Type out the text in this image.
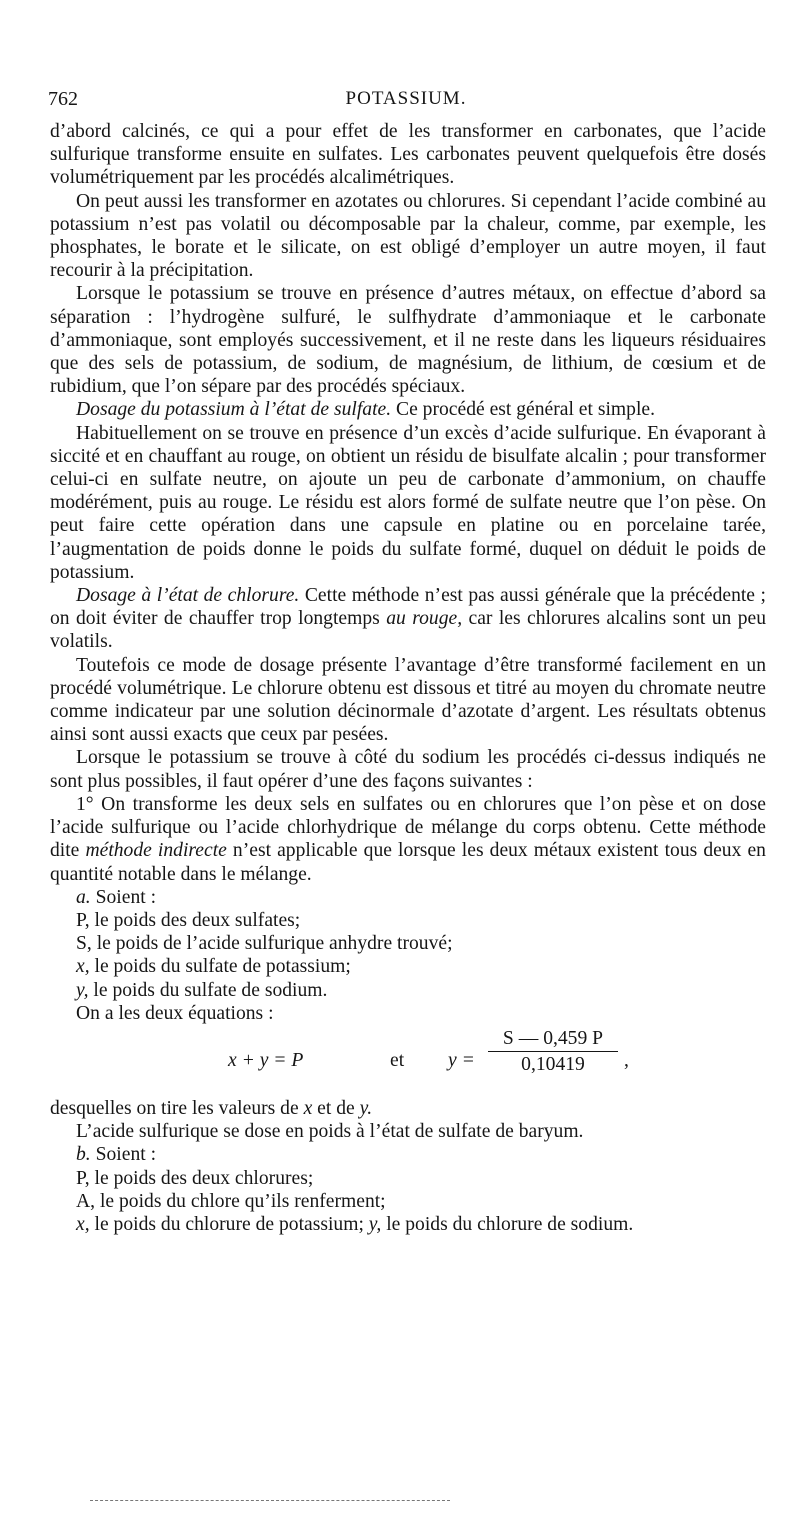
762	POTASSIUM.

d’abord calcinés, ce qui a pour effet de les transformer en carbonates, que l’acide sulfurique transforme ensuite en sulfates. Les carbonates peuvent quelquefois être dosés volumétriquement par les procédés alcalimétriques.

On peut aussi les transformer en azotates ou chlorures. Si cependant l’acide combiné au potassium n’est pas volatil ou décomposable par la chaleur, comme, par exemple, les phosphates, le borate et le silicate, on est obligé d’employer un autre moyen, il faut recourir à la précipitation.

Lorsque le potassium se trouve en présence d’autres métaux, on effectue d’abord sa séparation : l’hydrogène sulfuré, le sulfhydrate d’ammoniaque et le carbonate d’ammoniaque, sont employés successivement, et il ne reste dans les liqueurs résiduaires que des sels de potassium, de sodium, de magnésium, de lithium, de cœsium et de rubidium, que l’on sépare par des procédés spéciaux.

Dosage du potassium à l’état de sulfate. Ce procédé est général et simple.

Habituellement on se trouve en présence d’un excès d’acide sulfurique. En évaporant à siccité et en chauffant au rouge, on obtient un résidu de bisulfate alcalin ; pour transformer celui-ci en sulfate neutre, on ajoute un peu de carbonate d’ammonium, on chauffe modérément, puis au rouge. Le résidu est alors formé de sulfate neutre que l’on pèse. On peut faire cette opération dans une capsule en platine ou en porcelaine tarée, l’augmentation de poids donne le poids du sulfate formé, duquel on déduit le poids de potassium.

Dosage à l’état de chlorure. Cette méthode n’est pas aussi générale que la précédente ; on doit éviter de chauffer trop longtemps au rouge, car les chlorures alcalins sont un peu volatils.

Toutefois ce mode de dosage présente l’avantage d’être transformé facilement en un procédé volumétrique. Le chlorure obtenu est dissous et titré au moyen du chromate neutre comme indicateur par une solution décinormale d’azotate d’argent. Les résultats obtenus ainsi sont aussi exacts que ceux par pesées.

Lorsque le potassium se trouve à côté du sodium les procédés ci-dessus indiqués ne sont plus possibles, il faut opérer d’une des façons suivantes :

1° On transforme les deux sels en sulfates ou en chlorures que l’on pèse et on dose l’acide sulfurique ou l’acide chlorhydrique de mélange du corps obtenu. Cette méthode dite méthode indirecte n’est applicable que lorsque les deux métaux existent tous deux en quantité notable dans le mélange.

a. Soient :

P, le poids des deux sulfates;
S, le poids de l’acide sulfurique anhydre trouvé;
x, le poids du sulfate de potassium;
y, le poids du sulfate de sodium.

On a les deux équations :

x + y = P	et $y = \frac{S — 0,459 P}{0,10419}$ ,

desquelles on tire les valeurs de x et de y.

L’acide sulfurique se dose en poids à l’état de sulfate de baryum.

b. Soient :

P, le poids des deux chlorures;
A, le poids du chlore qu’ils renferment;
x, le poids du chlorure de potassium; y, le poids du chlorure de sodium.
